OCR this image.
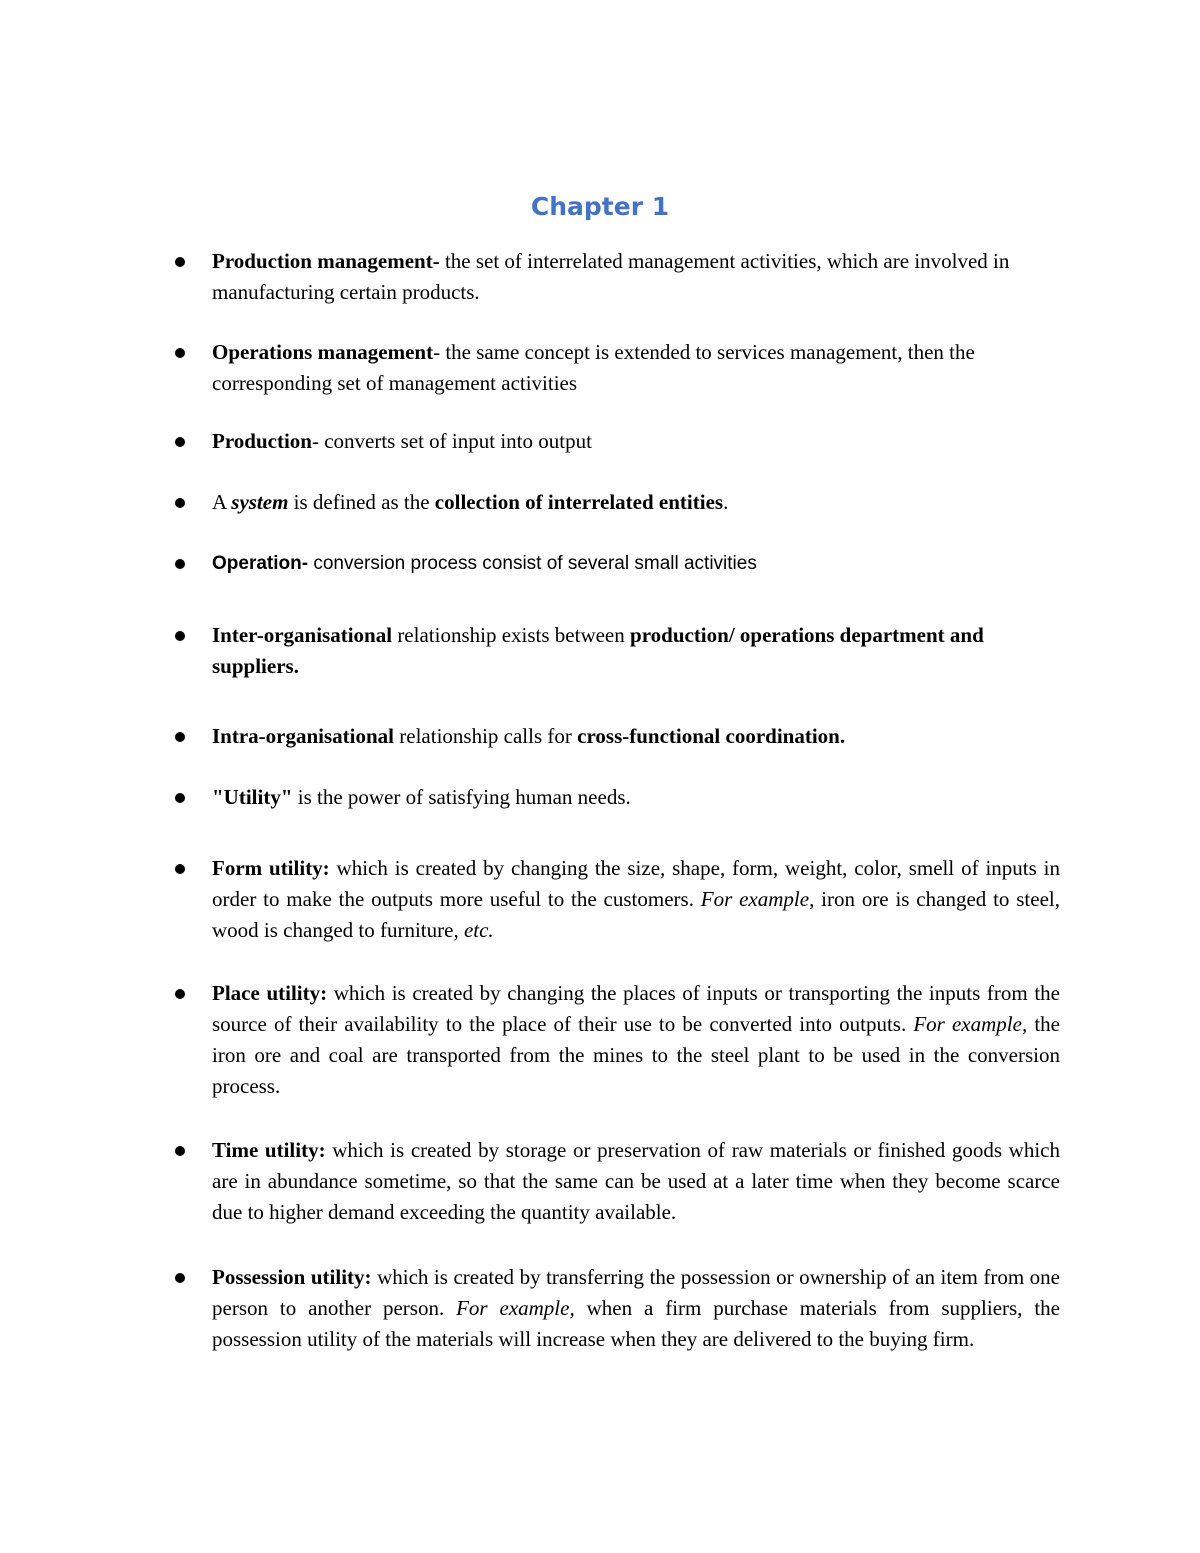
Chapter 1

Production management- the set of interrelated management activities, which are involved in manufacturing certain products.

Operations management- the same concept is extended to services management, then the corresponding set of management activities

Production- converts set of input into output

A system is defined as the collection of interrelated entities.

Operation- conversion process consist of several small activities

Inter-organisational relationship exists between production/ operations department and suppliers.

Intra-organisational relationship calls for cross-functional coordination.

"Utility" is the power of satisfying human needs.

Form utility: which is created by changing the size, shape, form, weight, color, smell of inputs in order to make the outputs more useful to the customers. For example, iron ore is changed to steel, wood is changed to furniture, etc.

Place utility: which is created by changing the places of inputs or transporting the inputs from the source of their availability to the place of their use to be converted into outputs. For example, the iron ore and coal are transported from the mines to the steel plant to be used in the conversion process.

Time utility: which is created by storage or preservation of raw materials or finished goods which are in abundance sometime, so that the same can be used at a later time when they become scarce due to higher demand exceeding the quantity available.

Possession utility: which is created by transferring the possession or ownership of an item from one person to another person. For example, when a firm purchase materials from suppliers, the possession utility of the materials will increase when they are delivered to the buying firm.
